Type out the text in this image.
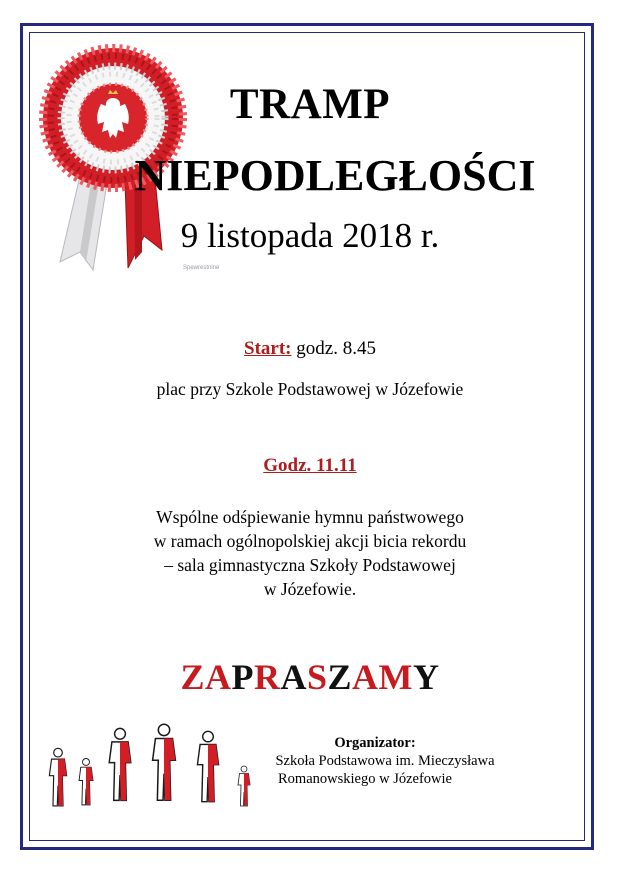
Spewrestnine
TRAMP
NIEPODLEGŁOŚCI
9 listopada 2018 r.
Start: godz. 8.45
plac przy Szkole Podstawowej w Józefowie
Godz. 11.11
Wspólne odśpiewanie hymnu państwowego
w ramach ogólnopolskiej akcji bicia rekordu
– sala gimnastyczna Szkoły Podstawowej
w Józefowie.
ZAPRASZAMY
Organizator:
Szkoła Podstawowa im. Mieczysława
Romanowskiego w Józefowie
